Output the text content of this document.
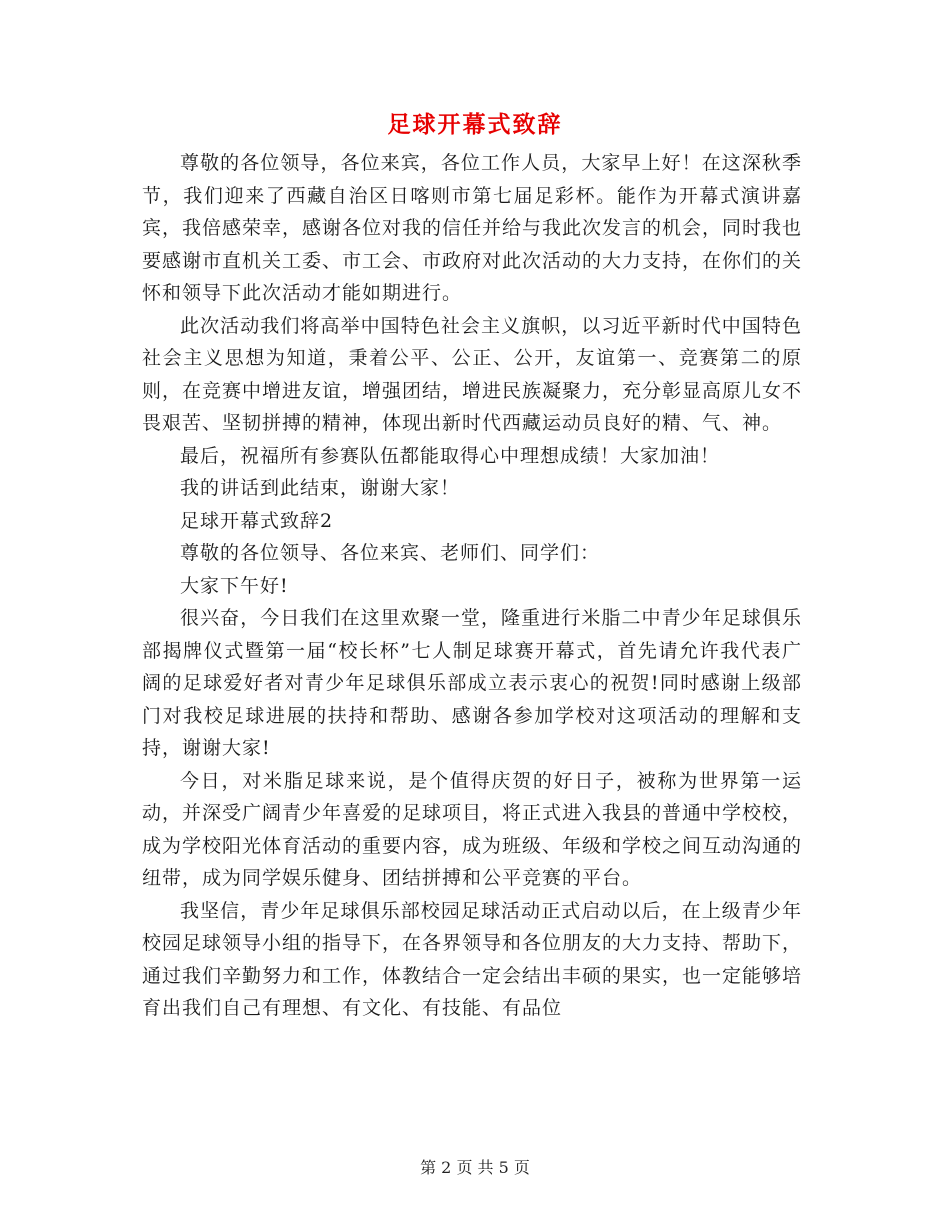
足球开幕式致辞

尊敬的各位领导，各位来宾，各位工作人员，大家早上好！在这深秋季节，我们迎来了西藏自治区日喀则市第七届足彩杯。能作为开幕式演讲嘉宾，我倍感荣幸，感谢各位对我的信任并给与我此次发言的机会，同时我也要感谢市直机关工委、市工会、市政府对此次活动的大力支持，在你们的关怀和领导下此次活动才能如期进行。

此次活动我们将高举中国特色社会主义旗帜，以习近平新时代中国特色社会主义思想为知道，秉着公平、公正、公开，友谊第一、竞赛第二的原则，在竞赛中增进友谊，增强团结，增进民族凝聚力，充分彰显高原儿女不畏艰苦、坚韧拼搏的精神，体现出新时代西藏运动员良好的精、气、神。

最后，祝福所有参赛队伍都能取得心中理想成绩！大家加油！

我的讲话到此结束，谢谢大家！

足球开幕式致辞2

尊敬的各位领导、各位来宾、老师们、同学们：

大家下午好!

很兴奋，今日我们在这里欢聚一堂，隆重进行米脂二中青少年足球俱乐部揭牌仪式暨第一届“校长杯”七人制足球赛开幕式，首先请允许我代表广阔的足球爱好者对青少年足球俱乐部成立表示衷心的祝贺!同时感谢上级部门对我校足球进展的扶持和帮助、感谢各参加学校对这项活动的理解和支持，谢谢大家!

今日，对米脂足球来说，是个值得庆贺的好日子，被称为世界第一运动，并深受广阔青少年喜爱的足球项目，将正式进入我县的普通中学校校，成为学校阳光体育活动的重要内容，成为班级、年级和学校之间互动沟通的纽带，成为同学娱乐健身、团结拼搏和公平竞赛的平台。

我坚信，青少年足球俱乐部校园足球活动正式启动以后，在上级青少年校园足球领导小组的指导下，在各界领导和各位朋友的大力支持、帮助下，通过我们辛勤努力和工作，体教结合一定会结出丰硕的果实，也一定能够培育出我们自己有理想、有文化、有技能、有品位

第 2 页 共 5 页
